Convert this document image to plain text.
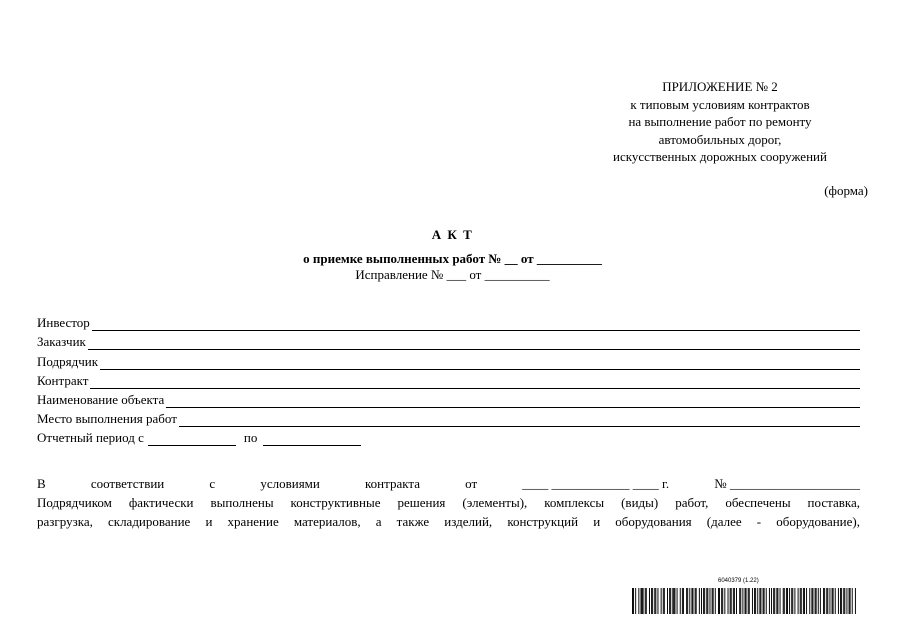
ПРИЛОЖЕНИЕ № 2
к типовым условиям контрактов
на выполнение работ по ремонту
автомобильных дорог,
искусственных дорожных сооружений
(форма)
А К Т
о приемке выполненных работ № __ от __________
Исправление № ___ от __________
Инвестор
Заказчик
Подрядчик
Контракт
Наименование объекта
Место выполнения работ
Отчетный период с	по
В	соответствии	с	условиями	контракта	от	____ ____________ ____ г.	№ ____________________
Подрядчиком фактически выполнены конструктивные решения (элементы), комплексы (виды) работ, обеспечены поставка,
разгрузка, складирование и хранение материалов, а также изделий, конструкций и оборудования (далее - оборудование),
6040379 (1.22)
